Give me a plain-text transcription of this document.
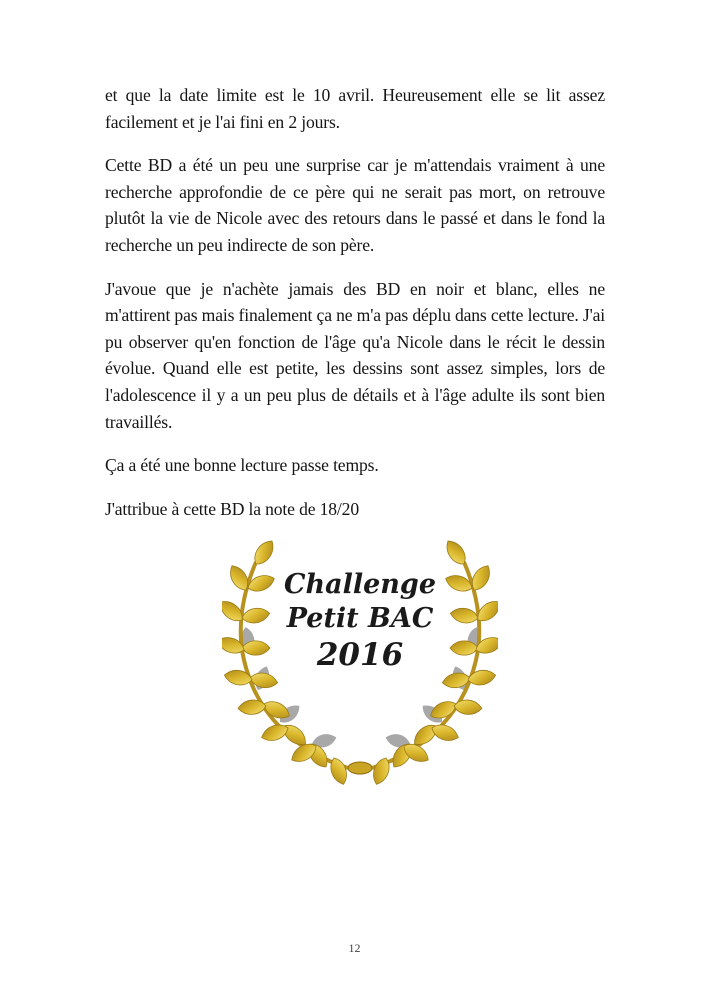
et que la date limite est le 10 avril. Heureusement elle se lit assez facilement et je l'ai fini en 2 jours.

Cette BD a été un peu une surprise car je m'attendais vraiment à une recherche approfondie de ce père qui ne serait pas mort, on retrouve plutôt la vie de Nicole avec des retours dans le passé et dans le fond la recherche un peu indirecte de son père.

J'avoue que je n'achète jamais des BD en noir et blanc, elles ne m'attirent pas mais finalement ça ne m'a pas déplu dans cette lecture. J'ai pu observer qu'en fonction de l'âge qu'a Nicole dans le récit le dessin évolue. Quand elle est petite, les dessins sont assez simples, lors de l'adolescence il y a un peu plus de détails et à l'âge adulte ils sont bien travaillés.

Ça a été une bonne lecture passe temps.

J'attribue à cette BD la note de 18/20

Challenge
Petit BAC
2016
12
